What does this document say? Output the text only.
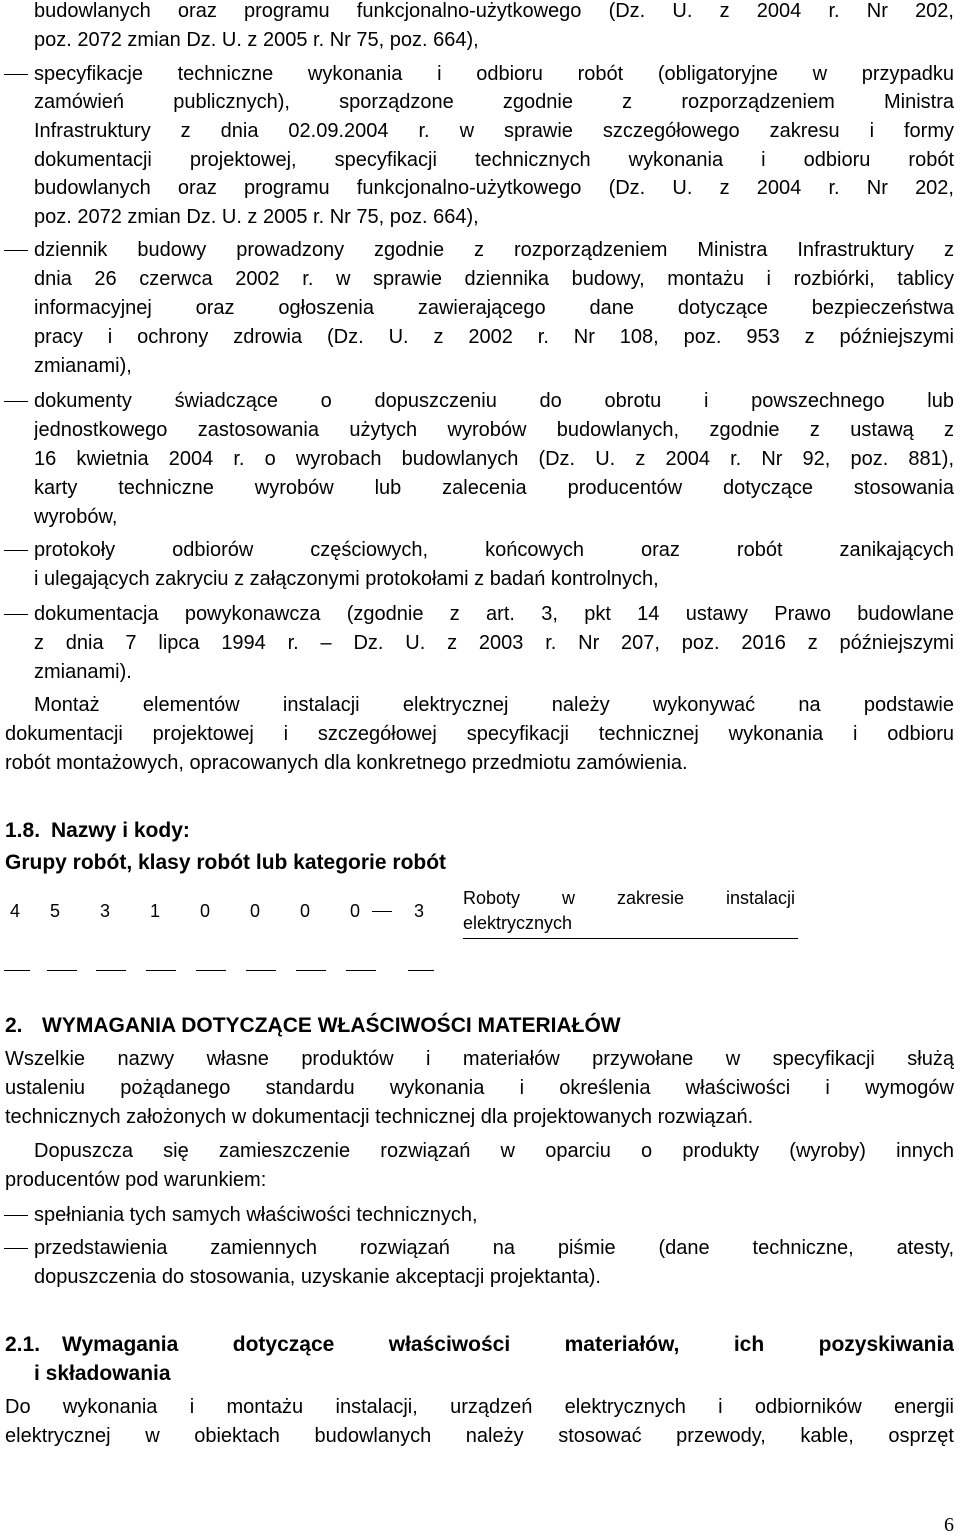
budowlanych oraz programu funkcjonalno-użytkowego (Dz. U. z 2004 r. Nr 202,
poz. 2072 zmian Dz. U. z 2005 r. Nr 75, poz. 664),
specyfikacje techniczne wykonania i odbioru robót (obligatoryjne w przypadku
zamówień publicznych), sporządzone zgodnie z rozporządzeniem Ministra
Infrastruktury z dnia 02.09.2004 r. w sprawie szczegółowego zakresu i formy
dokumentacji projektowej, specyfikacji technicznych wykonania i odbioru robót
budowlanych oraz programu funkcjonalno-użytkowego (Dz. U. z 2004 r. Nr 202,
poz. 2072 zmian Dz. U. z 2005 r. Nr 75, poz. 664),
dziennik budowy prowadzony zgodnie z rozporządzeniem Ministra Infrastruktury z
dnia 26 czerwca 2002 r. w sprawie dziennika budowy, montażu i rozbiórki, tablicy
informacyjnej oraz ogłoszenia zawierającego dane dotyczące bezpieczeństwa
pracy i ochrony zdrowia (Dz. U. z 2002 r. Nr 108, poz. 953 z późniejszymi
zmianami),
dokumenty świadczące o dopuszczeniu do obrotu i powszechnego lub
jednostkowego zastosowania użytych wyrobów budowlanych, zgodnie z ustawą z
16 kwietnia 2004 r. o wyrobach budowlanych (Dz. U. z 2004 r. Nr 92, poz. 881),
karty techniczne wyrobów lub zalecenia producentów dotyczące stosowania
wyrobów,
protokoły odbiorów częściowych, końcowych oraz robót zanikających
i ulegających zakryciu z załączonymi protokołami z badań kontrolnych,
dokumentacja powykonawcza (zgodnie z art. 3, pkt 14 ustawy Prawo budowlane
z dnia 7 lipca 1994 r. – Dz. U. z 2003 r. Nr 207, poz. 2016 z późniejszymi
zmianami).
Montaż elementów instalacji elektrycznej należy wykonywać na podstawie
dokumentacji projektowej i szczegółowej specyfikacji technicznej wykonania i odbioru
robót montażowych, opracowanych dla konkretnego przedmiotu zamówienia.
1.8. Nazwy i kody:
Grupy robót, klasy robót lub kategorie robót
4	5	3	1	0	0	0	0	3
Roboty w zakresie instalacji
elektrycznych
2. WYMAGANIA DOTYCZĄCE WŁAŚCIWOŚCI MATERIAŁÓW
Wszelkie nazwy własne produktów i materiałów przywołane w specyfikacji służą
ustaleniu pożądanego standardu wykonania i określenia właściwości i wymogów
technicznych założonych w dokumentacji technicznej dla projektowanych rozwiązań.
Dopuszcza się zamieszczenie rozwiązań w oparciu o produkty (wyroby) innych
producentów pod warunkiem:
spełniania tych samych właściwości technicznych,
przedstawienia zamiennych rozwiązań na piśmie (dane techniczne, atesty,
dopuszczenia do stosowania, uzyskanie akceptacji projektanta).
2.1. Wymagania dotyczące właściwości materiałów, ich pozyskiwania
i składowania
Do wykonania i montażu instalacji, urządzeń elektrycznych i odbiorników energii
elektrycznej w obiektach budowlanych należy stosować przewody, kable, osprzęt
6
